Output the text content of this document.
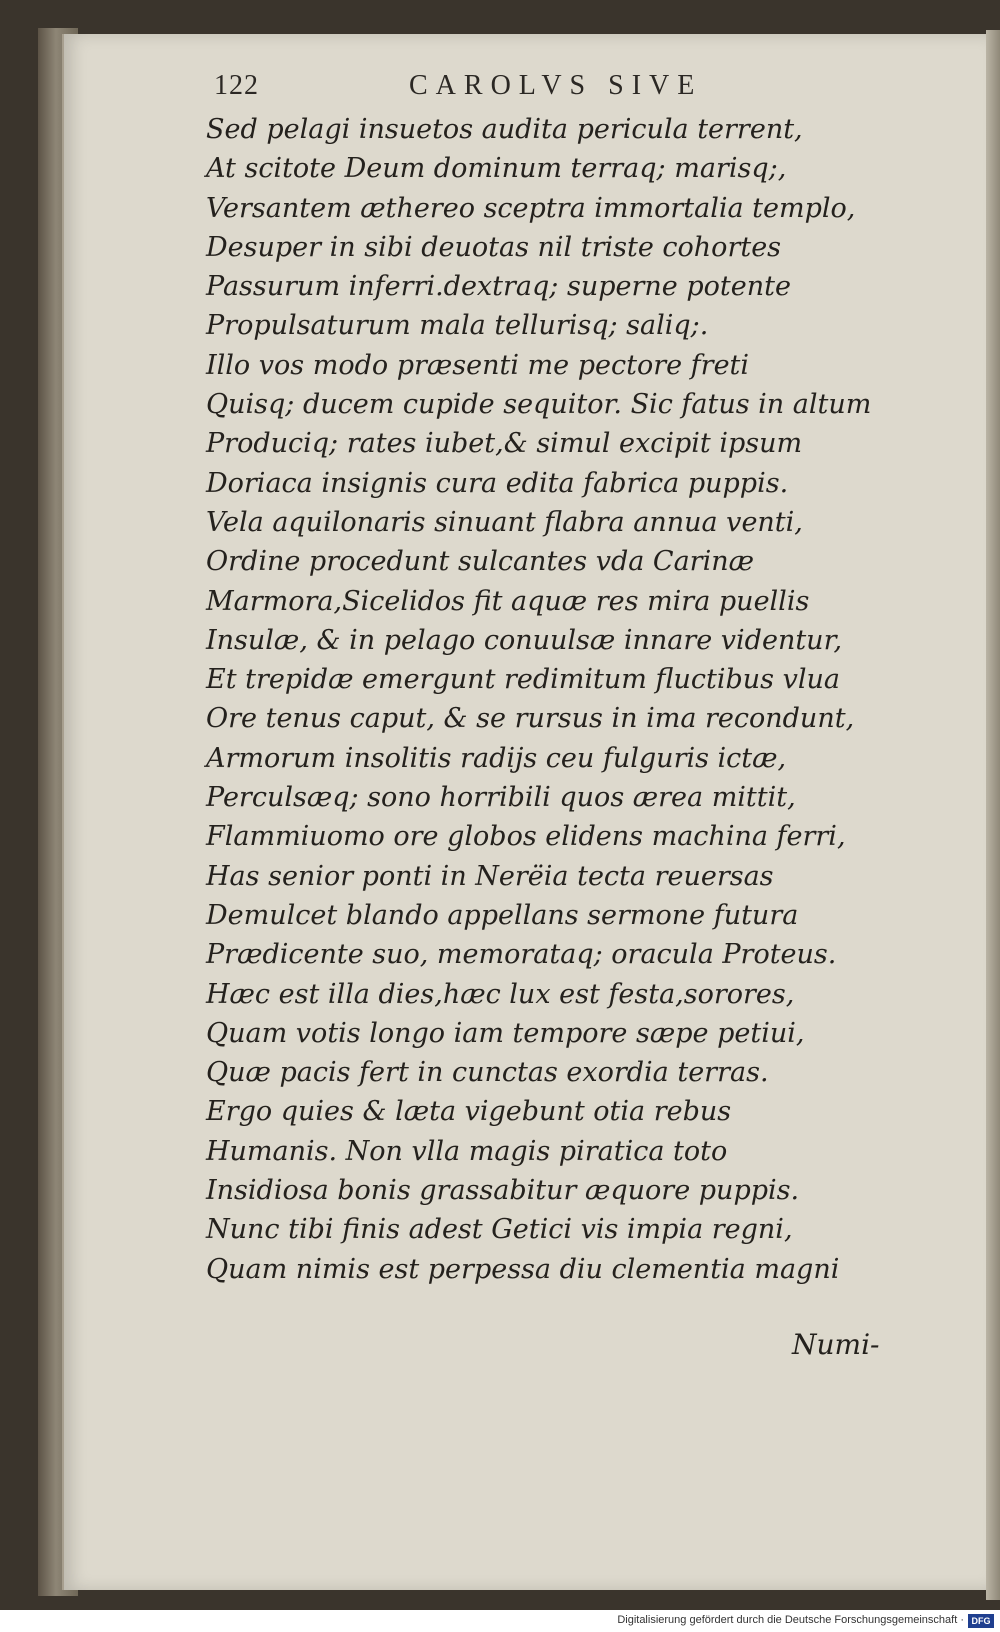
122	CAROLVS SIVE
Sed pelagi insuetos audita pericula terrent,
At scitote Deum dominum terraq; marisq;,
Versantem æthereo sceptra immortalia templo,
Desuper in sibi deuotas nil triste cohortes
Passurum inferri.dextraq; superne potente
Propulsaturum mala tellurisq; saliq;.
Illo vos modo præsenti me pectore freti
Quisq; ducem cupide sequitor. Sic fatus in altum
Produciq; rates iubet,& simul excipit ipsum
Doriaca insignis cura edita fabrica puppis.
Vela aquilonaris sinuant flabra annua venti,
Ordine procedunt sulcantes vda Carinæ
Marmora,Sicelidos fit aquæ res mira puellis
Insulæ, & in pelago conuulsæ innare videntur,
Et trepidæ emergunt redimitum fluctibus vlua
Ore tenus caput, & se rursus in ima recondunt,
Armorum insolitis radijs ceu fulguris ictæ,
Perculsæq; sono horribili quos ærea mittit,
Flammiuomo ore globos elidens machina ferri,
Has senior ponti in Nerëia tecta reuersas
Demulcet blando appellans sermone futura
Prædicente suo, memorataq; oracula Proteus.
Hæc est illa dies,hæc lux est festa,sorores,
Quam votis longo iam tempore sæpe petiui,
Quæ pacis fert in cunctas exordia terras.
Ergo quies & læta vigebunt otia rebus
Humanis. Non vlla magis piratica toto
Insidiosa bonis grassabitur æquore puppis.
Nunc tibi finis adest Getici vis impia regni,
Quam nimis est perpessa diu clementia magni
Numi-
Digitalisierung gefördert durch die Deutsche Forschungsgemeinschaft · DFG
